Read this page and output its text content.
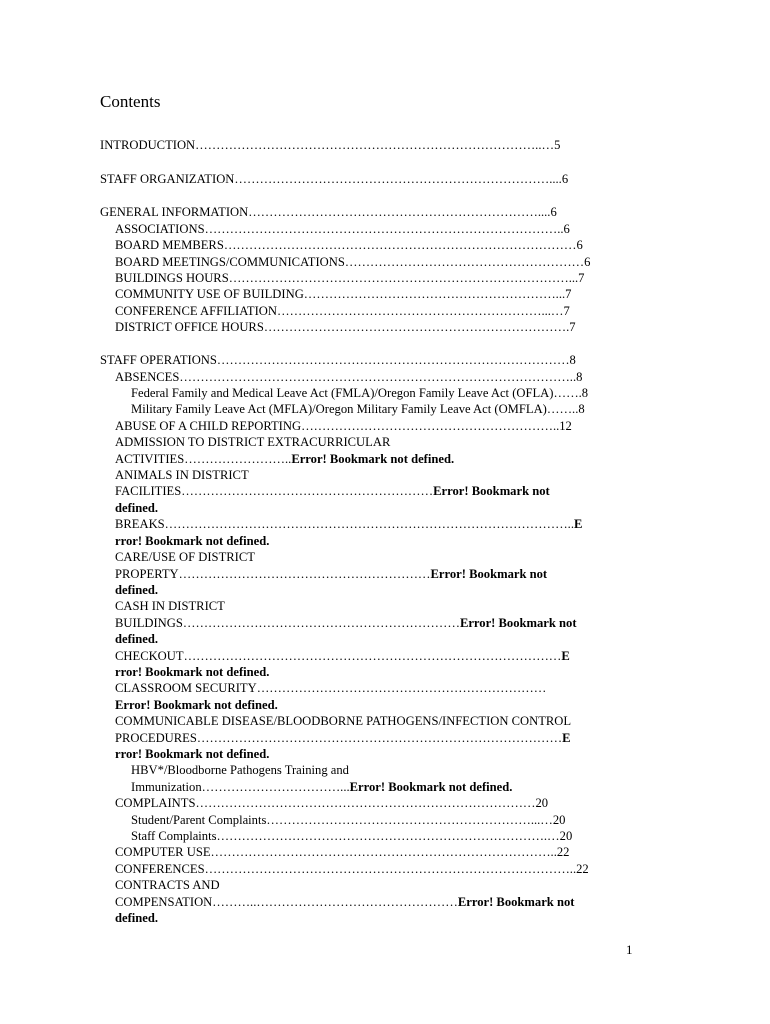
Contents
INTRODUCTION………………………………………………………………………..…5
STAFF ORGANIZATION…………………………………………………………………....6
GENERAL INFORMATION……………………………………………………………....6
ASSOCIATIONS…………………………………………………………………………..6
BOARD MEMBERS…………………………………………………………………………6
BOARD MEETINGS/COMMUNICATIONS…………………………………………………6
BUILDINGS HOURS………………………………………………………………………...7
COMMUNITY USE OF BUILDING……………………………………………………...7
CONFERENCE AFFILIATION………………………………………………………...…7
DISTRICT OFFICE HOURS……………………………………………………………….7
STAFF OPERATIONS…………………………………………………………………………8
ABSENCES…………………………………………………………………………………..8
Federal Family and Medical Leave Act (FMLA)/Oregon Family Leave Act (OFLA)…….8
Military Family Leave Act (MFLA)/Oregon Military Family Leave Act (OMFLA)……..8
ABUSE OF A CHILD REPORTING……………………………………………………..12
ADMISSION TO DISTRICT EXTRACURRICULAR
ACTIVITIES……………………..Error! Bookmark not defined.
ANIMALS IN DISTRICT
FACILITIES……………………………………………………Error! Bookmark not
defined.
BREAKS……………………………………………………………………………………..E
rror! Bookmark not defined.
CARE/USE OF DISTRICT
PROPERTY……………………………………………………Error! Bookmark not
defined.
CASH IN DISTRICT
BUILDINGS…………………………………………………………Error! Bookmark not
defined.
CHECKOUT………………………………………………………………………………E
rror! Bookmark not defined.
CLASSROOM SECURITY……………………………………………………………
Error! Bookmark not defined.
COMMUNICABLE DISEASE/BLOODBORNE PATHOGENS/INFECTION CONTROL
PROCEDURES……………………………………………………………………………E
rror! Bookmark not defined.
HBV*/Bloodborne Pathogens Training and
Immunization……………………………...Error! Bookmark not defined.
COMPLAINTS………………………………………………………………………20
Student/Parent Complaints………………………………………………………...…20
Staff Complaints…………………………………………………………………….…20
COMPUTER USE………………………………………………………………………..22
CONFERENCES……………………………………………………………………………..22
CONTRACTS AND
COMPENSATION………..…………………………………………Error! Bookmark not
defined.
1
